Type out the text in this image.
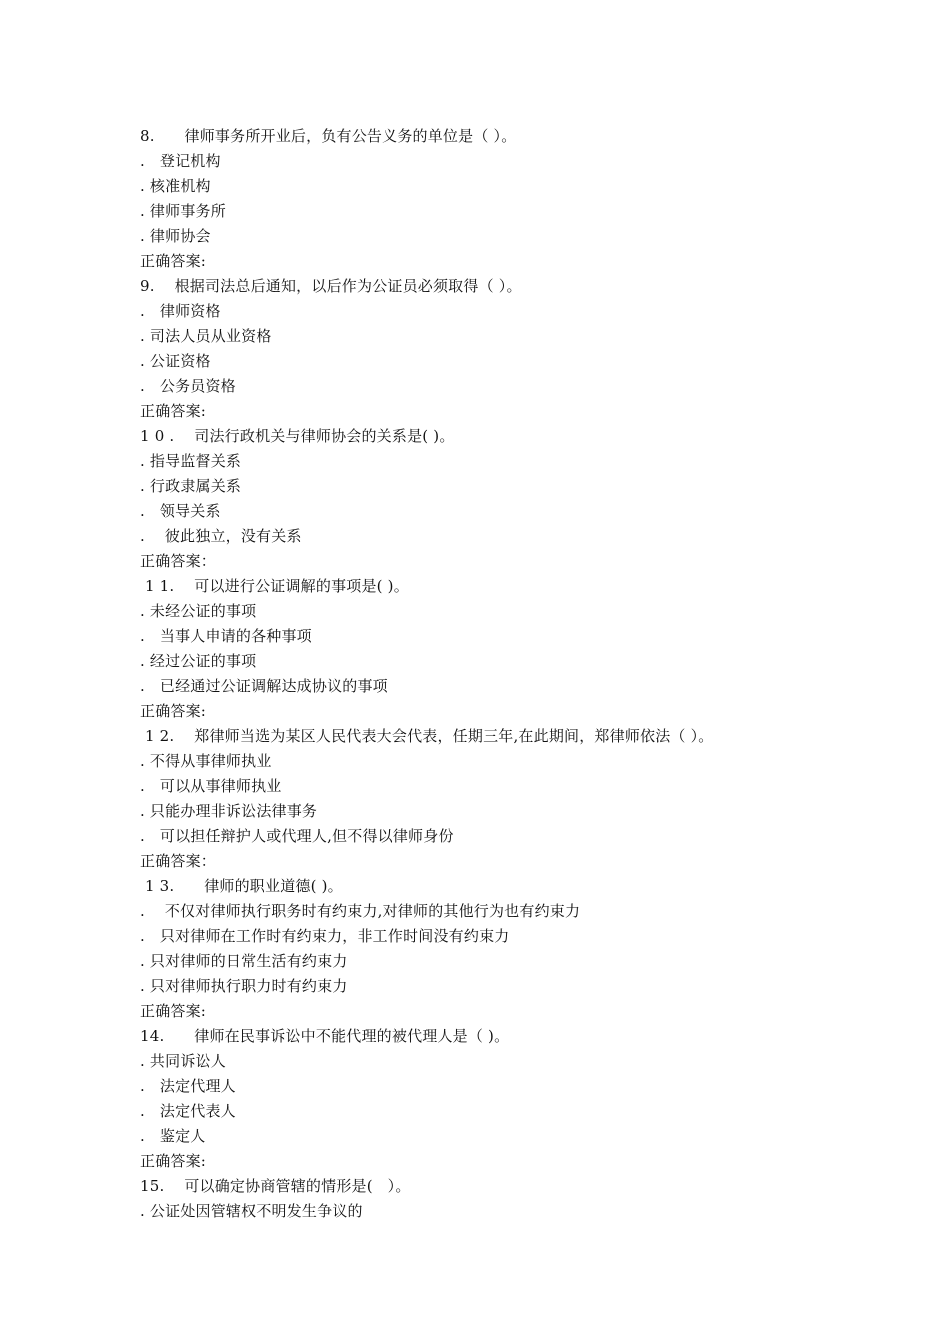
8.      律师事务所开业后，负有公告义务的单位是（ ）。
.   登记机构
. 核准机构
. 律师事务所
. 律师协会
正确答案:
9.    根据司法总后通知，以后作为公证员必须取得（ ）。
.   律师资格
. 司法人员从业资格
. 公证资格
.   公务员资格
正确答案:
1 0 .    司法行政机关与律师协会的关系是( )。
. 指导监督关系
. 行政隶属关系
.   领导关系
.    彼此独立，没有关系
正确答案：
1 1.    可以进行公证调解的事项是( )。
. 未经公证的事项
.   当事人申请的各种事项
. 经过公证的事项
.   已经通过公证调解达成协议的事项
正确答案:
1 2.    郑律师当选为某区人民代表大会代表，任期三年,在此期间，郑律师依法（ ）。
. 不得从事律师执业
.   可以从事律师执业
. 只能办理非诉讼法律事务
.   可以担任辩护人或代理人,但不得以律师身份
正确答案：
1 3.      律师的职业道德( )。
.    不仅对律师执行职务时有约束力,对律师的其他行为也有约束力
.   只对律师在工作时有约束力，非工作时间没有约束力
. 只对律师的日常生活有约束力
. 只对律师执行职力时有约束力
正确答案:
14.      律师在民事诉讼中不能代理的被代理人是（ )。
. 共同诉讼人
.   法定代理人
.   法定代表人
.   鉴定人
正确答案:
15.    可以确定协商管辖的情形是(   ）。
. 公证处因管辖权不明发生争议的
